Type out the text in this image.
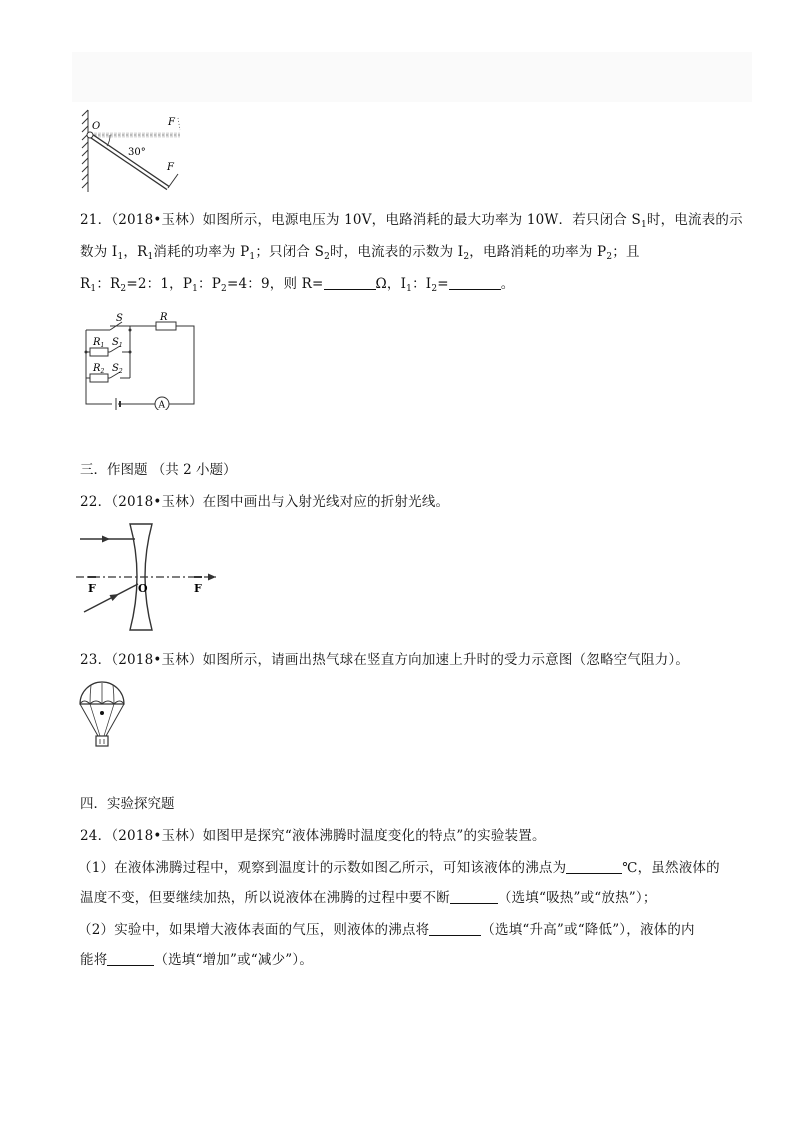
O	F
30°
F
21．（2018•玉林）如图所示，电源电压为 10V，电路消耗的最大功率为 10W．若只闭合 $S_1$时，电流表的示
数为 $I_1$，$R_1$消耗的功率为 $P_1$；只闭合 $S_2$时，电流表的示数为 $I_2$，电路消耗的功率为 $P_2$；且
$R_1$：$R_2=2$：1，$P_1$：$P_2=4$：9，则 R=	Ω，$I_1$：$I_2=$	。
S	R
$R_1$ $S_1$
$R_2$ $S_2$
A
三．作图题 （共 2 小题）
22．（2018•玉林）在图中画出与入射光线对应的折射光线。
F	F
O
23．（2018•玉林）如图所示，请画出热气球在竖直方向加速上升时的受力示意图（忽略空气阻力）。
四．实验探究题
24．（2018•玉林）如图甲是探究“液体沸腾时温度变化的特点”的实验装置。
（1）在液体沸腾过程中，观察到温度计的示数如图乙所示，可知该液体的沸点为	℃，虽然液体的
温度不变，但要继续加热，所以说液体在沸腾的过程中要不断	（选填“吸热”或“放热”）；
（2）实验中，如果增大液体表面的气压，则液体的沸点将	（选填“升高”或“降低”），液体的内
能将	（选填“增加”或“减少”）。
